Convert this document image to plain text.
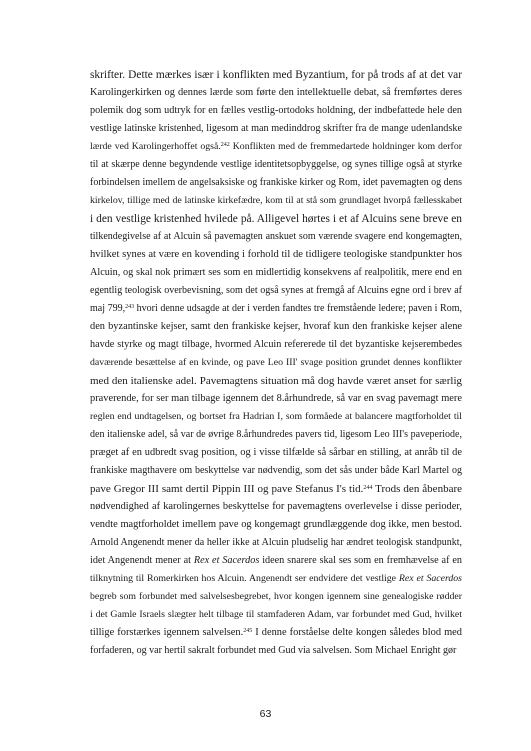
skrifter. Dette mærkes især i konflikten med Byzantium, for på trods af at det var
Karolingerkirken og dennes lærde som førte den intellektuelle debat, så fremførtes deres
polemik dog som udtryk for en fælles vestlig-ortodoks holdning, der indbefattede hele den
vestlige latinske kristenhed, ligesom at man medinddrog skrifter fra de mange udenlandske
lærde ved Karolingerhoffet også.$^{242}$ Konflikten med de fremmedartede holdninger kom derfor
til at skærpe denne begyndende vestlige identitetsopbyggelse, og synes tillige også at styrke
forbindelsen imellem de angelsaksiske og frankiske kirker og Rom, idet pavemagten og dens
kirkelov, tillige med de latinske kirkefædre, kom til at stå som grundlaget hvorpå fællesskabet
i den vestlige kristenhed hvilede på. Alligevel hørtes i et af Alcuins sene breve en
tilkendegivelse af at Alcuin så pavemagten anskuet som værende svagere end kongemagten,
hvilket synes at være en kovending i forhold til de tidligere teologiske standpunkter hos
Alcuin, og skal nok primært ses som en midlertidig konsekvens af realpolitik, mere end en
egentlig teologisk overbevisning, som det også synes at fremgå af Alcuins egne ord i brev af
maj 799,$^{243}$ hvori denne udsagde at der i verden fandtes tre fremstående ledere; paven i Rom,
den byzantinske kejser, samt den frankiske kejser, hvoraf kun den frankiske kejser alene
havde styrke og magt tilbage, hvormed Alcuin refererede til det byzantiske kejserembedes
daværende besættelse af en kvinde, og pave Leo III' svage position grundet dennes konflikter
med den italienske adel. Pavemagtens situation må dog havde været anset for særlig
praverende, for ser man tilbage igennem det 8.århundrede, så var en svag pavemagt mere
reglen end undtagelsen, og bortset fra Hadrian I, som formåede at balancere magtforholdet til
den italienske adel, så var de øvrige 8.århundredes pavers tid, ligesom Leo III's paveperiode,
præget af en udbredt svag position, og i visse tilfælde så sårbar en stilling, at anråb til de
frankiske magthavere om beskyttelse var nødvendig, som det sås under både Karl Martel og
pave Gregor III samt dertil Pippin III og pave Stefanus I's tid.$^{244}$ Trods den åbenbare
nødvendighed af karolingernes beskyttelse for pavemagtens overlevelse i disse perioder,
vendte magtforholdet imellem pave og kongemagt grundlæggende dog ikke, men bestod.
Arnold Angenendt mener da heller ikke at Alcuin pludselig har ændret teologisk standpunkt,
idet Angenendt mener at Rex et Sacerdos ideen snarere skal ses som en fremhævelse af en
tilknytning til Romerkirken hos Alcuin. Angenendt ser endvidere det vestlige Rex et Sacerdos
begreb som forbundet med salvelsesbegrebet, hvor kongen igennem sine genealogiske rødder
i det Gamle Israels slægter helt tilbage til stamfaderen Adam, var forbundet med Gud, hvilket
tillige forstærkes igennem salvelsen.$^{245}$ I denne forståelse delte kongen således blod med
forfaderen, og var hertil sakralt forbundet med Gud via salvelsen. Som Michael Enright gør
63
